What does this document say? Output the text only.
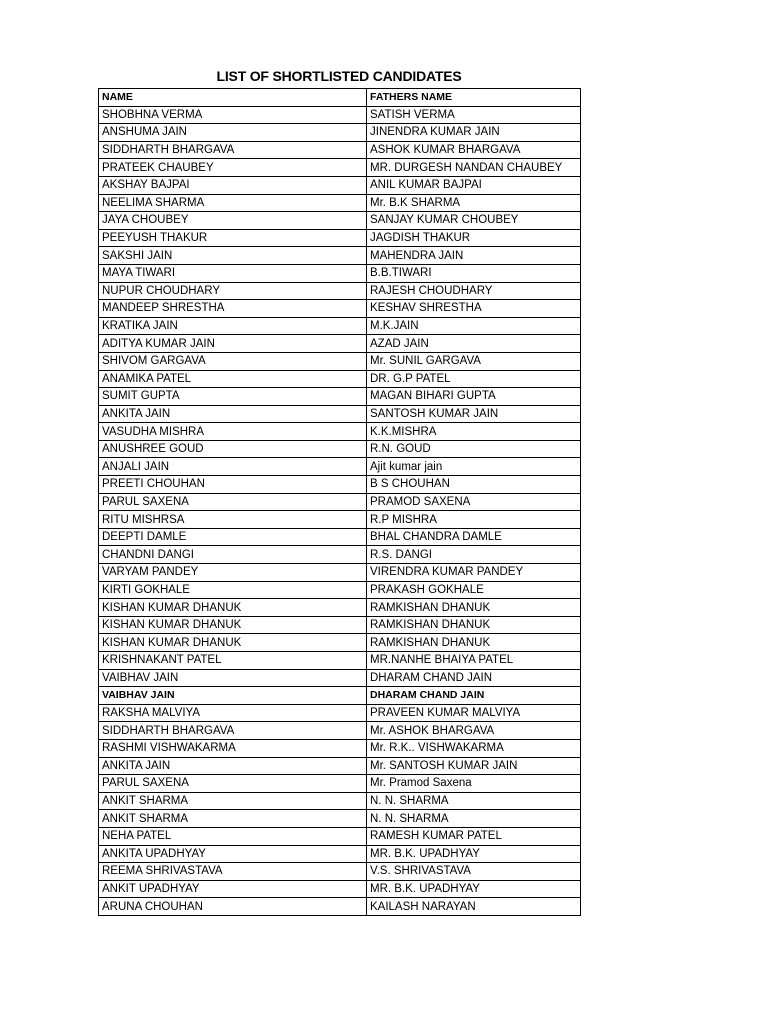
LIST OF SHORTLISTED CANDIDATES
NAME	FATHERS NAME
SHOBHNA VERMA	SATISH VERMA
ANSHUMA JAIN	JINENDRA KUMAR JAIN
SIDDHARTH BHARGAVA	ASHOK KUMAR BHARGAVA
PRATEEK CHAUBEY	MR. DURGESH NANDAN CHAUBEY
AKSHAY BAJPAI	ANIL KUMAR BAJPAI
NEELIMA SHARMA	Mr. B.K SHARMA
JAYA CHOUBEY	SANJAY KUMAR CHOUBEY
PEEYUSH THAKUR	JAGDISH THAKUR
SAKSHI JAIN	MAHENDRA JAIN
MAYA TIWARI	B.B.TIWARI
NUPUR CHOUDHARY	RAJESH CHOUDHARY
MANDEEP SHRESTHA	KESHAV SHRESTHA
KRATIKA JAIN	M.K.JAIN
ADITYA KUMAR JAIN	AZAD JAIN
SHIVOM GARGAVA	Mr. SUNIL GARGAVA
ANAMIKA PATEL	DR. G.P PATEL
SUMIT GUPTA	MAGAN BIHARI GUPTA
ANKITA JAIN	SANTOSH KUMAR JAIN
VASUDHA MISHRA	K.K.MISHRA
ANUSHREE GOUD	R.N. GOUD
ANJALI JAIN	Ajit kumar jain
PREETI CHOUHAN	B S CHOUHAN
PARUL SAXENA	PRAMOD SAXENA
RITU MISHRSA	R.P MISHRA
DEEPTI DAMLE	BHAL CHANDRA DAMLE
CHANDNI DANGI	R.S. DANGI
VARYAM PANDEY	VIRENDRA KUMAR PANDEY
KIRTI GOKHALE	PRAKASH GOKHALE
KISHAN KUMAR DHANUK	RAMKISHAN DHANUK
KISHAN KUMAR DHANUK	RAMKISHAN DHANUK
KISHAN KUMAR DHANUK	RAMKISHAN DHANUK
KRISHNAKANT PATEL	MR.NANHE BHAIYA PATEL
VAIBHAV JAIN	DHARAM CHAND JAIN
VAIBHAV JAIN	DHARAM CHAND JAIN
RAKSHA MALVIYA	PRAVEEN KUMAR MALVIYA
SIDDHARTH BHARGAVA	Mr. ASHOK BHARGAVA
RASHMI VISHWAKARMA	Mr. R.K.. VISHWAKARMA
ANKITA JAIN	Mr. SANTOSH KUMAR JAIN
PARUL SAXENA	Mr. Pramod Saxena
ANKIT SHARMA	N. N. SHARMA
ANKIT SHARMA	N. N. SHARMA
NEHA PATEL	RAMESH KUMAR PATEL
ANKITA UPADHYAY	MR. B.K. UPADHYAY
REEMA SHRIVASTAVA	V.S. SHRIVASTAVA
ANKIT UPADHYAY	MR. B.K. UPADHYAY
ARUNA CHOUHAN	KAILASH NARAYAN
